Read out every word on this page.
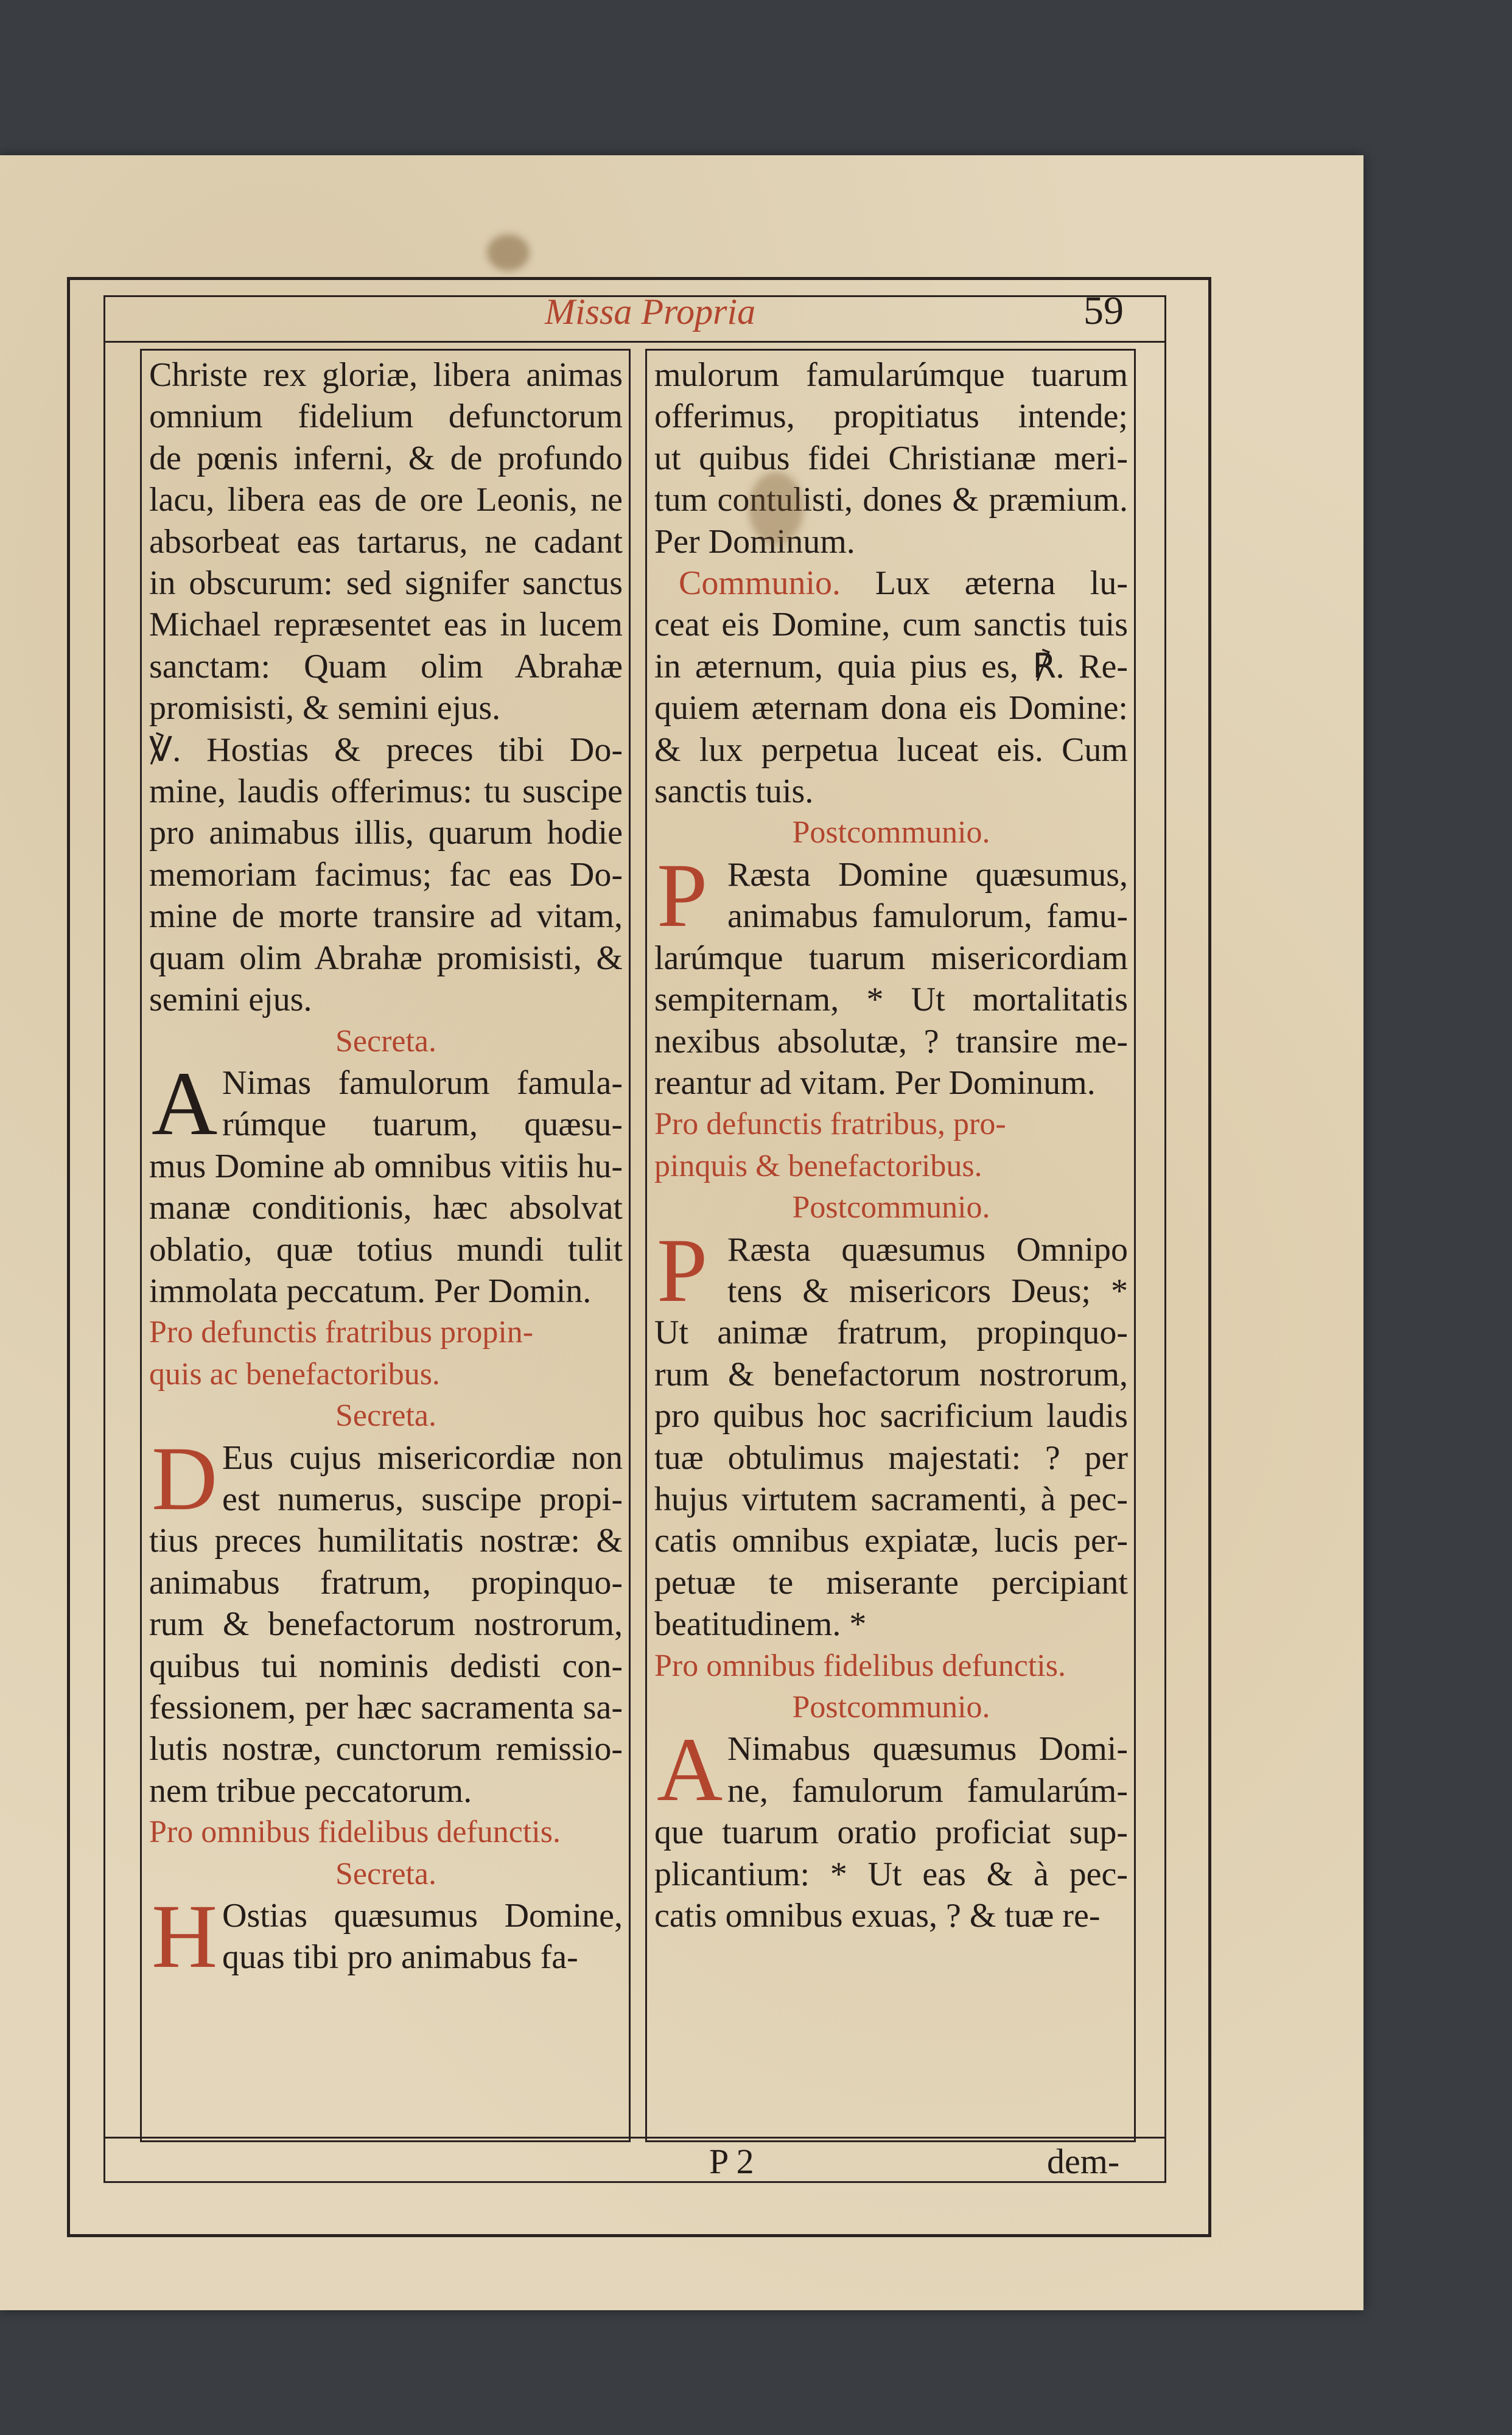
Missa Propria	59
Christe rex gloriæ, libera animas
omnium fidelium defunctorum
de pœnis inferni, & de profundo
lacu, libera eas de ore Leonis, ne
absorbeat eas tartarus, ne cadant
in obscurum: sed signifer sanctus
Michael repræsentet eas in lucem
sanctam: Quam olim Abrahæ
promisisti, & semini ejus.
℣. Hostias & preces tibi Do-
mine, laudis offerimus: tu suscipe
pro animabus illis, quarum hodie
memoriam facimus; fac eas Do-
mine de morte transire ad vitam,
quam olim Abrahæ promisisti, &
semini ejus.
Secreta.
A Nimas famulorum famula-
rúmque tuarum, quæsu-
mus Domine ab omnibus vitiis hu-
manæ conditionis, hæc absolvat
oblatio, quæ totius mundi tulit
immolata peccatum. Per Domin.
Pro defunctis fratribus propin-
quis ac benefactoribus.
Secreta.
D Eus cujus misericordiæ non
est numerus, suscipe propi-
tius preces humilitatis nostræ: &
animabus fratrum, propinquo-
rum & benefactorum nostrorum,
quibus tui nominis dedisti con-
fessionem, per hæc sacramenta sa-
lutis nostræ, cunctorum remissio-
nem tribue peccatorum.
Pro omnibus fidelibus defunctis.
Secreta.
H Ostias quæsumus Domine,
quas tibi pro animabus fa-
mulorum famularúmque tuarum
offerimus, propitiatus intende;
ut quibus fidei Christianæ meri-
tum contulisti, dones & præmium.
Per Dominum.
Communio. Lux æterna lu-
ceat eis Domine, cum sanctis tuis
in æternum, quia pius es, ℟. Re-
quiem æternam dona eis Domine:
& lux perpetua luceat eis. Cum
sanctis tuis.
Postcommunio.
P Ræsta Domine quæsumus,
animabus famulorum, famu-
larúmque tuarum misericordiam
sempiternam, * Ut mortalitatis
nexibus absolutæ, ? transire me-
reantur ad vitam. Per Dominum.
Pro defunctis fratribus, pro-
pinquis & benefactoribus.
Postcommunio.
P Ræsta quæsumus Omnipo
tens & misericors Deus; *
Ut animæ fratrum, propinquo-
rum & benefactorum nostrorum,
pro quibus hoc sacrificium laudis
tuæ obtulimus majestati: ? per
hujus virtutem sacramenti, à pec-
catis omnibus expiatæ, lucis per-
petuæ te miserante percipiant
beatitudinem. *
Pro omnibus fidelibus defunctis.
Postcommunio.
A Nimabus quæsumus Domi-
ne, famulorum famularúm-
que tuarum oratio proficiat sup-
plicantium: * Ut eas & à pec-
catis omnibus exuas, ? & tuæ re-
P 2	dem-
